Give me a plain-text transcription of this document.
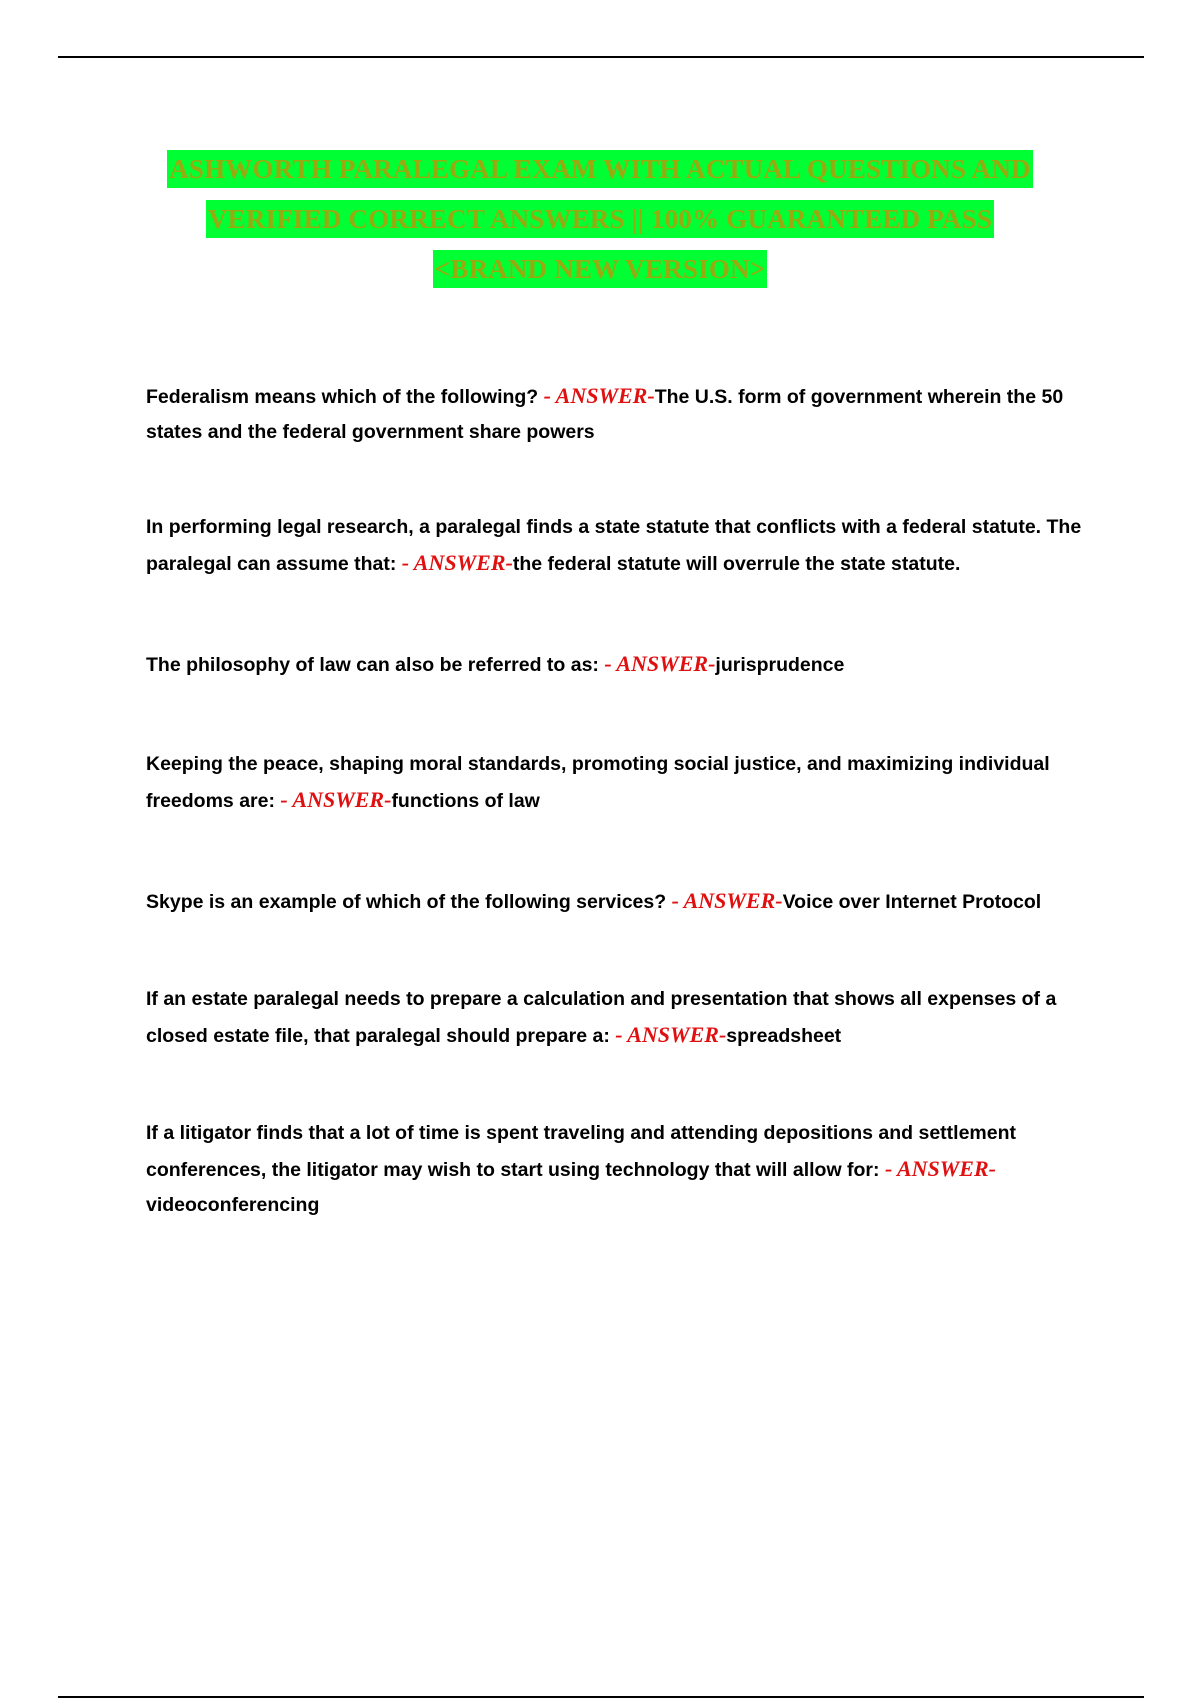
ASHWORTH PARALEGAL EXAM WITH ACTUAL QUESTIONS AND
VERIFIED CORRECT ANSWERS || 100% GUARANTEED PASS
<BRAND NEW VERSION>

Federalism means which of the following? - ANSWER-The U.S. form of government wherein the 50 states and the federal government share powers

In performing legal research, a paralegal finds a state statute that conflicts with a federal statute. The paralegal can assume that: - ANSWER-the federal statute will overrule the state statute.

The philosophy of law can also be referred to as: - ANSWER-jurisprudence

Keeping the peace, shaping moral standards, promoting social justice, and maximizing individual freedoms are: - ANSWER-functions of law

Skype is an example of which of the following services? - ANSWER-Voice over Internet Protocol

If an estate paralegal needs to prepare a calculation and presentation that shows all expenses of a closed estate file, that paralegal should prepare a: - ANSWER-spreadsheet

If a litigator finds that a lot of time is spent traveling and attending depositions and settlement conferences, the litigator may wish to start using technology that will allow for: - ANSWER-videoconferencing
